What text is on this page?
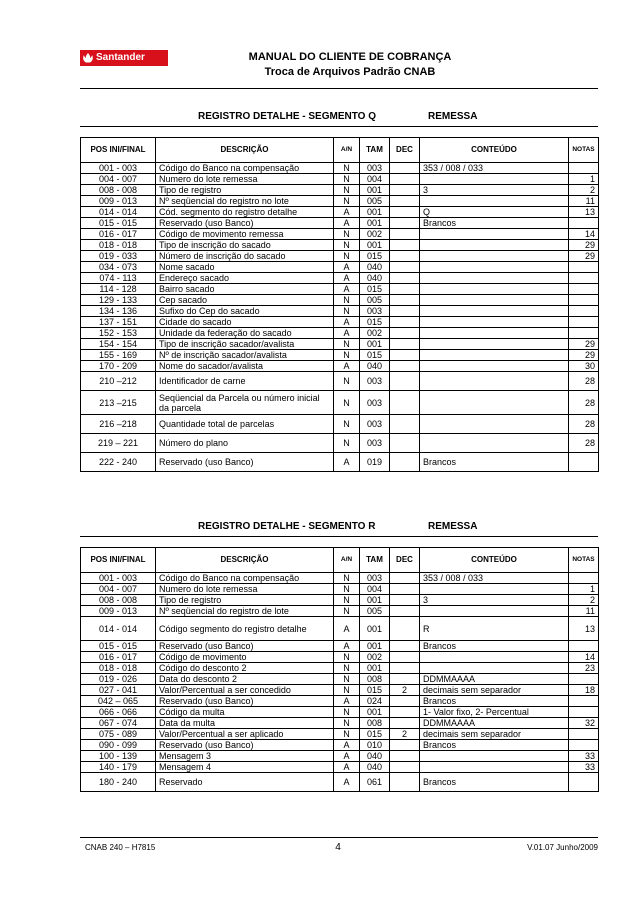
Santander	MANUAL DO CLIENTE DE COBRANÇA
Troca de Arquivos Padrão CNAB
REGISTRO DETALHE - SEGMENTO Q	REMESSA
POS INI/FINAL	DESCRIÇÃO	A/N	TAM	DEC	CONTEÚDO	NOTAS
001 - 003	Código do Banco na compensação	N	003		353 / 008 / 033	
004 - 007	Numero do lote remessa	N	004			1
008 - 008	Tipo de registro	N	001		3	2
009 - 013	Nº seqüencial do registro no lote	N	005			11
014 - 014	Cód. segmento do registro detalhe	A	001		Q	13
015 - 015	Reservado (uso Banco)	A	001		Brancos	
016 - 017	Código de movimento remessa	N	002			14
018 - 018	Tipo de inscrição do sacado	N	001			29
019 - 033	Número de inscrição do sacado	N	015			29
034 - 073	Nome sacado	A	040			
074 - 113	Endereço sacado	A	040			
114 - 128	Bairro sacado	A	015			
129 - 133	Cep sacado	N	005			
134 - 136	Sufixo do Cep do sacado	N	003			
137 - 151	Cidade do sacado	A	015			
152 - 153	Unidade da federação do sacado	A	002			
154 - 154	Tipo de inscrição sacador/avalista	N	001			29
155 - 169	Nº de inscrição sacador/avalista	N	015			29
170 - 209	Nome do sacador/avalista	A	040			30
210 –212	Identificador de carne	N	003			28
213 –215	Seqüencial da Parcela ou número inicial da parcela	N	003			28
216 –218	Quantidade total de parcelas	N	003			28
219 – 221	Número do plano	N	003			28
222 - 240	Reservado (uso Banco)	A	019		Brancos	
REGISTRO DETALHE - SEGMENTO R	REMESSA
POS INI/FINAL	DESCRIÇÃO	A/N	TAM	DEC	CONTEÚDO	NOTAS
001 - 003	Código do Banco na compensação	N	003		353 / 008 / 033	
004 - 007	Numero do lote remessa	N	004			1
008 - 008	Tipo de registro	N	001		3	2
009 - 013	Nº seqüencial do registro de lote	N	005			11
014 - 014	Código segmento do registro detalhe	A	001		R	13
015 - 015	Reservado (uso Banco)	A	001		Brancos	
016 - 017	Código de movimento	N	002			14
018 - 018	Código do desconto 2	N	001			23
019 - 026	Data do desconto 2	N	008		DDMMAAAA	
027 - 041	Valor/Percentual a ser concedido	N	015	2	decimais sem separador	18
042 – 065	Reservado (uso Banco)	A	024		Brancos	
066 - 066	Código da multa	N	001		1- Valor fixo, 2- Percentual	
067 - 074	Data da multa	N	008		DDMMAAAA	32
075 - 089	Valor/Percentual a ser aplicado	N	015	2	decimais sem separador	
090 - 099	Reservado (uso Banco)	A	010		Brancos	
100 - 139	Mensagem 3	A	040			33
140 - 179	Mensagem 4	A	040			33
180 - 240	Reservado	A	061		Brancos	
CNAB 240 – H7815	4	V.01.07 Junho/2009
